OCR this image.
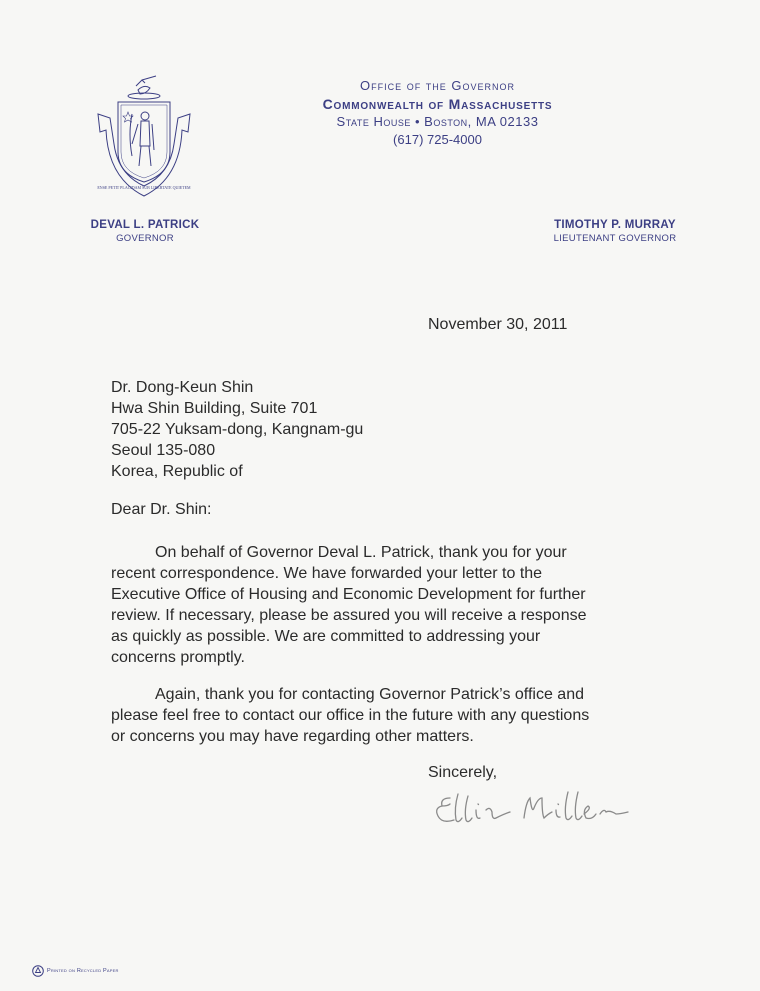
ENSE PETIT PLACIDAM SUB LIBERTATE QUIETEM
Office of the Governor
Commonwealth of Massachusetts
State House • Boston, MA 02133
(617) 725-4000
DEVAL L. PATRICK
GOVERNOR
TIMOTHY P. MURRAY
LIEUTENANT GOVERNOR
November 30, 2011
Dr. Dong-Keun Shin
Hwa Shin Building, Suite 701
705-22 Yuksam-dong, Kangnam-gu
Seoul 135-080
Korea, Republic of
Dear Dr. Shin:
On behalf of Governor Deval L. Patrick, thank you for your
recent correspondence. We have forwarded your letter to the
Executive Office of Housing and Economic Development for further
review. If necessary, please be assured you will receive a response
as quickly as possible. We are committed to addressing your
concerns promptly.
Again, thank you for contacting Governor Patrick’s office and
please feel free to contact our office in the future with any questions
or concerns you may have regarding other matters.
Sincerely,
Printed on Recycled Paper
